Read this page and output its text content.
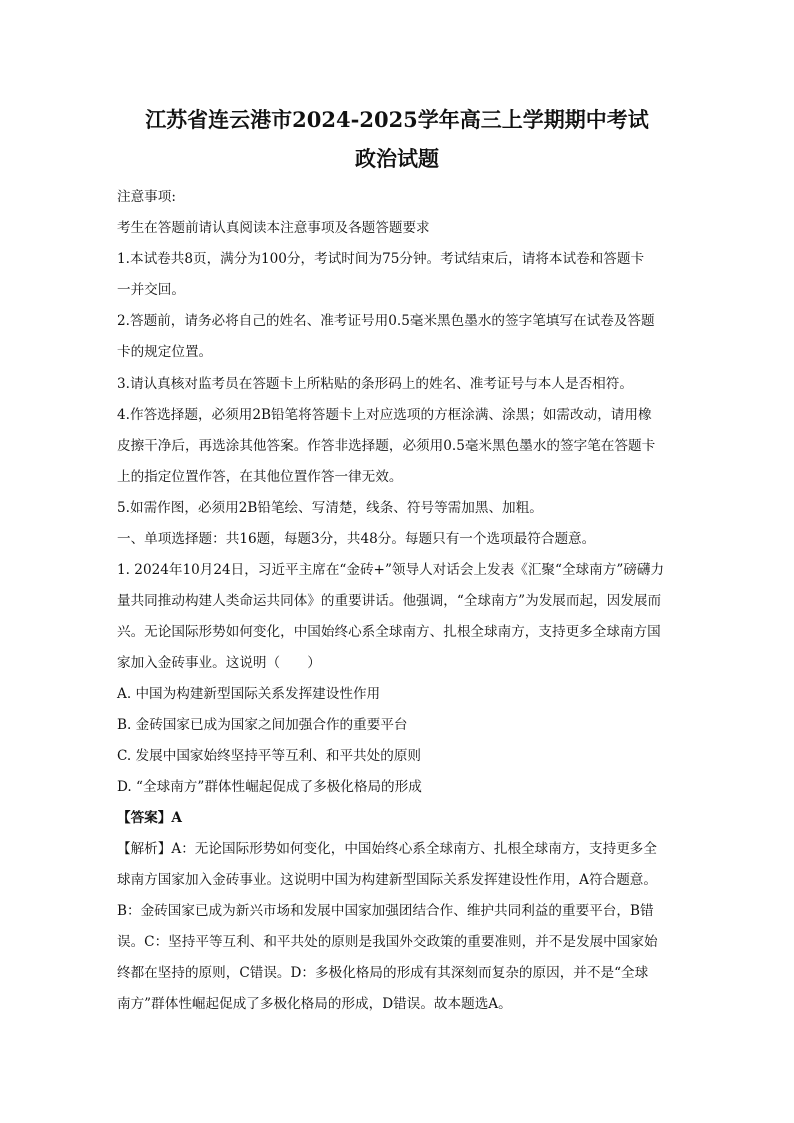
江苏省连云港市2024-2025学年高三上学期期中考试
政治试题
注意事项:
考生在答题前请认真阅读本注意事项及各题答题要求
1.本试卷共8页，满分为100分，考试时间为75分钟。考试结束后，请将本试卷和答题卡
一并交回。
2.答题前，请务必将自己的姓名、准考证号用0.5毫米黑色墨水的签字笔填写在试卷及答题
卡的规定位置。
3.请认真核对监考员在答题卡上所粘贴的条形码上的姓名、准考证号与本人是否相符。
4.作答选择题，必须用2B铅笔将答题卡上对应选项的方框涂满、涂黑；如需改动，请用橡
皮擦干净后，再选涂其他答案。作答非选择题，必须用0.5毫米黑色墨水的签字笔在答题卡
上的指定位置作答，在其他位置作答一律无效。
5.如需作图，必须用2B铅笔绘、写清楚，线条、符号等需加黑、加粗。
一、单项选择题：共16题，每题3分，共48分。每题只有一个选项最符合题意。
1. 2024年10月24日，习近平主席在“金砖+”领导人对话会上发表《汇聚“全球南方”磅礴力
量共同推动构建人类命运共同体》的重要讲话。他强调，“全球南方”为发展而起，因发展而
兴。无论国际形势如何变化，中国始终心系全球南方、扎根全球南方，支持更多全球南方国
家加入金砖事业。这说明（　　）
A. 中国为构建新型国际关系发挥建设性作用
B. 金砖国家已成为国家之间加强合作的重要平台
C. 发展中国家始终坚持平等互利、和平共处的原则
D. “全球南方”群体性崛起促成了多极化格局的形成
【答案】A
【解析】A：无论国际形势如何变化，中国始终心系全球南方、扎根全球南方，支持更多全
球南方国家加入金砖事业。这说明中国为构建新型国际关系发挥建设性作用，A符合题意。
B：金砖国家已成为新兴市场和发展中国家加强团结合作、维护共同利益的重要平台，B错
误。C：坚持平等互利、和平共处的原则是我国外交政策的重要准则，并不是发展中国家始
终都在坚持的原则，C错误。D：多极化格局的形成有其深刻而复杂的原因，并不是“全球
南方”群体性崛起促成了多极化格局的形成，D错误。故本题选A。
